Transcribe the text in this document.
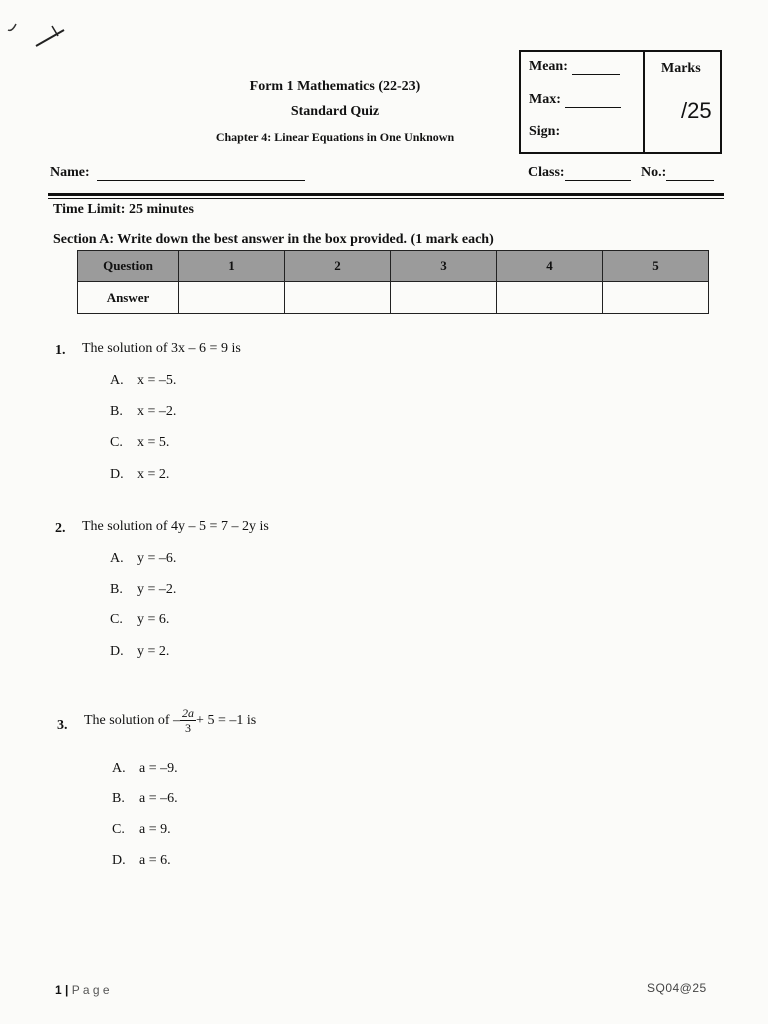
Form 1 Mathematics (22-23)
Standard Quiz
Chapter 4: Linear Equations in One Unknown
Mean:
Max:
Sign:
Marks
/25
Name:	Class:	No.:
Time Limit: 25 minutes
Section A: Write down the best answer in the box provided. (1 mark each)
Question	1	2	3	4	5
Answer					
1. The solution of 3x – 6 = 9 is
A. x = –5.
B. x = –2.
C. x = 5.
D. x = 2.
2. The solution of 4y – 5 = 7 – 2y is
A. y = –6.
B. y = –2.
C. y = 6.
D. y = 2.
3. The solution of – $\frac{2a}{3} + 5 = -1$ is
A. a = –9.
B. a = –6.
C. a = 9.
D. a = 6.
1 | P a g e	SQ04@25
